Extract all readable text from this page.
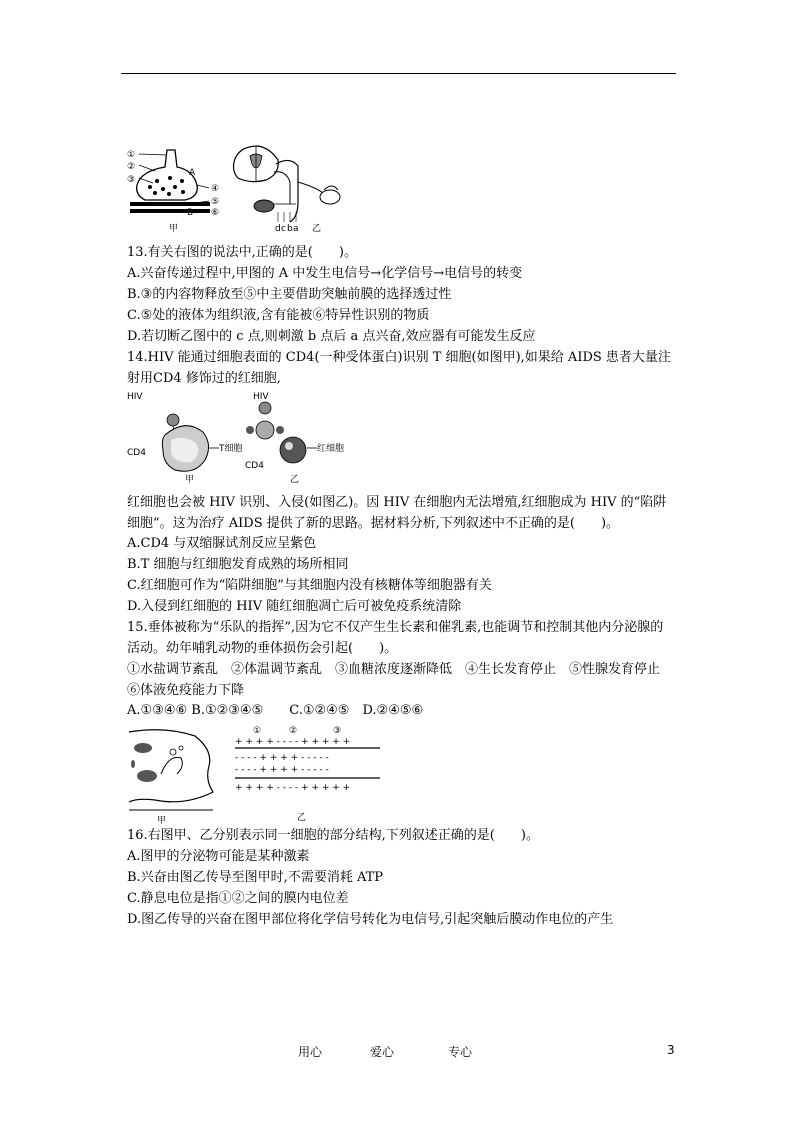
①
②
③
A
④
B
⑤
⑥
甲	d c b a 乙
13.有关右图的说法中,正确的是(　　)。
A.兴奋传递过程中,甲图的 A 中发生电信号→化学信号→电信号的转变
B.③的内容物释放至⑤中主要借助突触前膜的选择透过性
C.⑤处的液体为组织液,含有能被⑥特异性识别的物质
D.若切断乙图中的 c 点,则刺激 b 点后 a 点兴奋,效应器有可能发生反应
14.HIV 能通过细胞表面的 CD4(一种受体蛋白)识别 T 细胞(如图甲),如果给 AIDS 患者大量注射用CD4 修饰过的红细胞,
HIV
CD4	T细胞
甲
HIV
CD4
红细胞
乙
红细胞也会被 HIV 识别、入侵(如图乙)。因 HIV 在细胞内无法增殖,红细胞成为 HIV 的“陷阱细胞”。这为治疗 AIDS 提供了新的思路。据材料分析,下列叙述中不正确的是(　　)。
A.CD4 与双缩脲试剂反应呈紫色
B.T 细胞与红细胞发育成熟的场所相同
C.红细胞可作为“陷阱细胞”与其细胞内没有核糖体等细胞器有关
D.入侵到红细胞的 HIV 随红细胞凋亡后可被免疫系统清除
15.垂体被称为“乐队的指挥”,因为它不仅产生生长素和催乳素,也能调节和控制其他内分泌腺的活动。幼年哺乳动物的垂体损伤会引起(　　)。
①水盐调节紊乱　②体温调节紊乱　③血糖浓度逐渐降低　④生长发育停止　⑤性腺发育停止　⑥体液免疫能力下降
A.①③④⑥ B.①②③④⑤　　C.①②④⑤　D.②④⑤⑥
甲
①	②	③
+ + + + - - - - + + + + +
- - - - + + + + - - - - -
- - - - + + + + - - - - -
+ + + + - - - - + + + + +
乙
16.右图甲、乙分别表示同一细胞的部分结构,下列叙述正确的是(　　)。
A.图甲的分泌物可能是某种激素
B.兴奋由图乙传导至图甲时,不需要消耗 ATP
C.静息电位是指①②之间的膜内电位差
D.图乙传导的兴奋在图甲部位将化学信号转化为电信号,引起突触后膜动作电位的产生
用心	爱心	专心	3
